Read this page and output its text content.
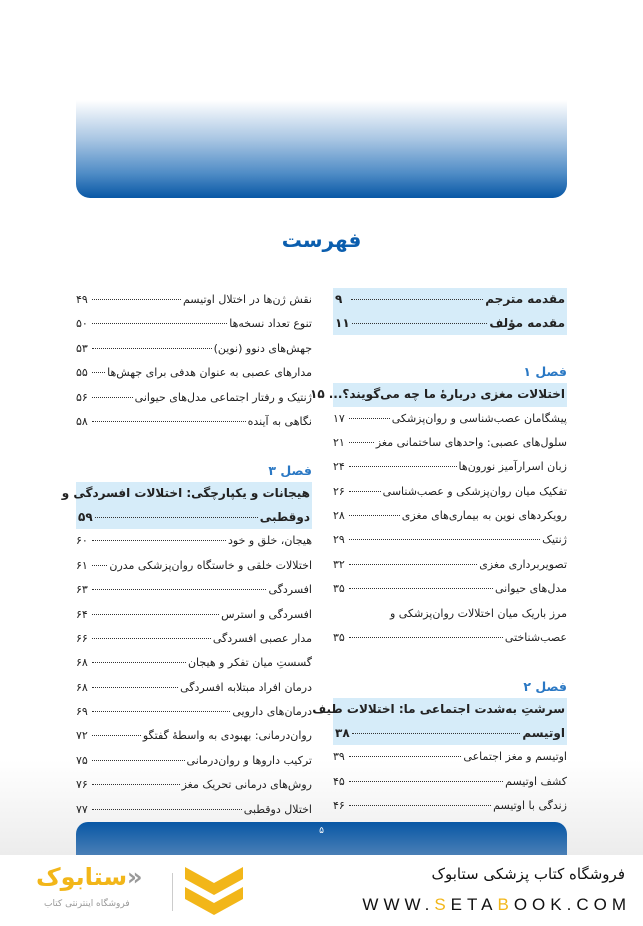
فهرست
مقدمه مترجم
۹
مقدمه مؤلف
۱۱
فصل ۱
اختلالات مغزی دربارهٔ ما چه می‌گویند؟...
۱۵
پیشگامان عصب‌شناسی و روان‌پزشکی
۱۷
سلول‌های عصبی: واحدهای ساختمانی مغز
۲۱
زبان اسرارآمیز نورون‌ها
۲۴
تفکیک میان روان‌پزشکی و عصب‌شناسی
۲۶
رویکردهای نوین به بیماری‌های مغزی
۲۸
ژنتیک
۲۹
تصویربرداری مغزی
۳۲
مدل‌های حیوانی
۳۵
مرز باریک میان اختلالات روان‌پزشکی و
عصب‌شناختی
۳۵
فصل ۲
سرشتِ به‌شدت اجتماعی ما: اختلالات طیف
اوتیسم
۳۸
اوتیسم و مغز اجتماعی
۳۹
کشف اوتیسم
۴۵
زندگی با اوتیسم
۴۶
نقش ژن‌ها در اختلال اوتیسم
۴۹
تنوع تعداد نسخه‌ها
۵۰
جهش‌های دنوو (نوین)
۵۳
مدارهای عصبی به عنوان هدفی برای جهش‌ها
۵۵
ژنتیک و رفتار اجتماعی مدل‌های حیوانی
۵۶
نگاهی به آینده
۵۸
فصل ۳
هیجانات و یکپارچگی: اختلالات افسردگی و
دوقطبی
۵۹
هیجان، خلق و خود
۶۰
اختلالات خلقی و خاستگاه روان‌پزشکی مدرن
۶۱
افسردگی
۶۳
افسردگی و استرس
۶۴
مدار عصبی افسردگی
۶۶
گسستِ میان تفکر و هیجان
۶۸
درمان افراد مبتلابه افسردگی
۶۸
درمان‌های دارویی
۶۹
روان‌درمانی: بهبودی به واسطهٔ گفتگو
۷۲
ترکیب داروها و روان‌درمانی
۷۵
روش‌های درمانی تحریک مغز
۷۶
اختلال دوقطبی
۷۷
۵
فروشگاه کتاب پزشکی ستابوک
WWW.SETABOOK.COM
«ستابوک
فروشگاه اینترنتی کتاب
